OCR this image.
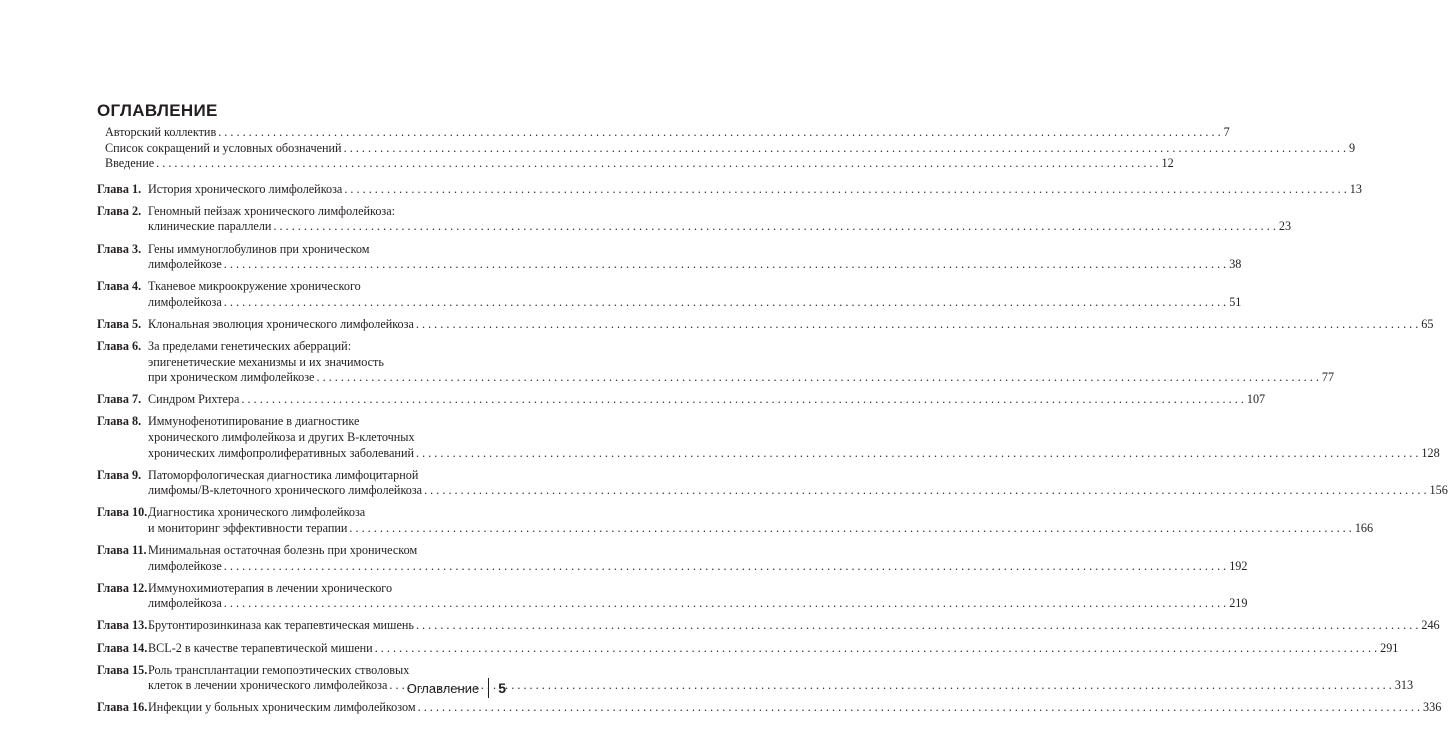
ОГЛАВЛЕНИЕ
Авторский коллектив . . .	7
Список сокращений и условных обозначений . . .	9
Введение . . .	12
Глава 1. История хронического лимфолейкоза . . .	13
Глава 2. Геномный пейзаж хронического лимфолейкоза:
клинические параллели . . .	23
Глава 3. Гены иммуноглобулинов при хроническом
лимфолейкозе . . .	38
Глава 4. Тканевое микроокружение хронического
лимфолейкоза . . .	51
Глава 5. Клональная эволюция хронического лимфолейкоза . . .	65
Глава 6. За пределами генетических аберраций:
эпигенетические механизмы и их значимость
при хроническом лимфолейкозе . . .	77
Глава 7. Синдром Рихтера . . .	107
Глава 8. Иммунофенотипирование в диагностике
хронического лимфолейкоза и других В-клеточных
хронических лимфопролиферативных заболеваний . . .	128
Глава 9. Патоморфологическая диагностика лимфоцитарной
лимфомы/В-клеточного хронического лимфолейкоза . . .	156
Глава 10. Диагностика хронического лимфолейкоза
и мониторинг эффективности терапии . . .	166
Глава 11. Минимальная остаточная болезнь при хроническом
лимфолейкозе . . .	192
Глава 12. Иммунохимиотерапия в лечении хронического
лимфолейкоза . . .	219
Глава 13. Брутонтирозинкиназа как терапевтическая мишень . . .	246
Глава 14. BCL-2 в качестве терапевтической мишени . . .	291
Глава 15. Роль трансплантации гемопоэтических стволовых
клеток в лечении хронического лимфолейкоза . . .	313
Глава 16. Инфекции у больных хроническим лимфолейкозом . . .	336
Оглавление 5
